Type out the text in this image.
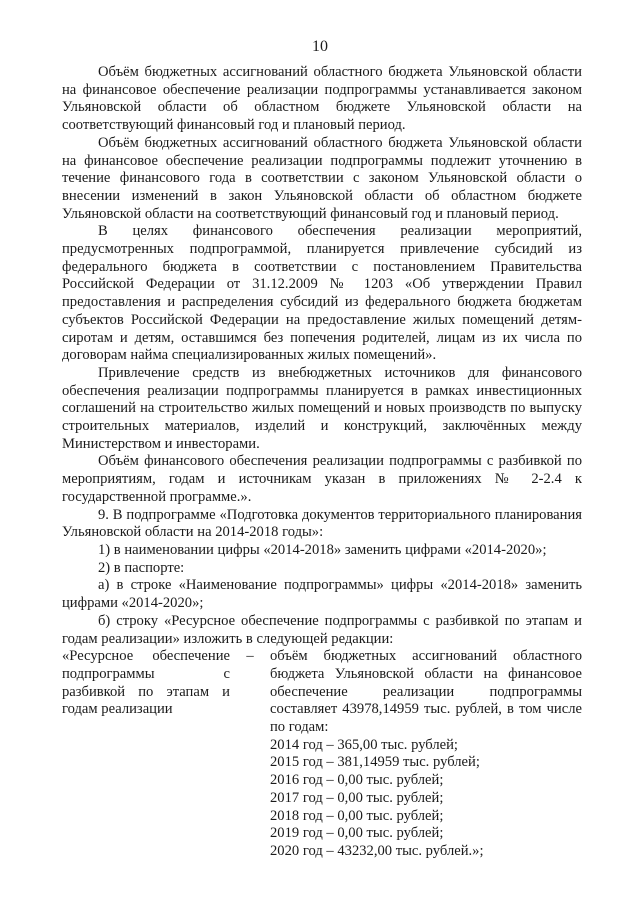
10

Объём бюджетных ассигнований областного бюджета Ульяновской области на финансовое обеспечение реализации подпрограммы устанавливается законом Ульяновской области об областном бюджете Ульяновской области на соответствующий финансовый год и плановый период.

Объём бюджетных ассигнований областного бюджета Ульяновской области на финансовое обеспечение реализации подпрограммы подлежит уточнению в течение финансового года в соответствии с законом Ульяновской области о внесении изменений в закон Ульяновской области об областном бюджете Ульяновской области на соответствующий финансовый год и плановый период.

В целях финансового обеспечения реализации мероприятий, предусмотренных подпрограммой, планируется привлечение субсидий из федерального бюджета в соответствии с постановлением Правительства Российской Федерации от 31.12.2009 № 1203 «Об утверждении Правил предоставления и распределения субсидий из федерального бюджета бюджетам субъектов Российской Федерации на предоставление жилых помещений детям-сиротам и детям, оставшимся без попечения родителей, лицам из их числа по договорам найма специализированных жилых помещений».

Привлечение средств из внебюджетных источников для финансового обеспечения реализации подпрограммы планируется в рамках инвестиционных соглашений на строительство жилых помещений и новых производств по выпуску строительных материалов, изделий и конструкций, заключённых между Министерством и инвесторами.

Объём финансового обеспечения реализации подпрограммы с разбивкой по мероприятиям, годам и источникам указан в приложениях № 2-2.4 к государственной программе.».

9. В подпрограмме «Подготовка документов территориального планирования Ульяновской области на 2014-2018 годы»:

1) в наименовании цифры «2014-2018» заменить цифрами «2014-2020»;

2) в паспорте:

а) в строке «Наименование подпрограммы» цифры «2014-2018» заменить цифрами «2014-2020»;

б) строку «Ресурсное обеспечение подпрограммы с разбивкой по этапам и годам реализации» изложить в следующей редакции:

«Ресурсное обеспечение подпрограммы с разбивкой по этапам и годам реализации
–	объём бюджетных ассигнований областного бюджета Ульяновской области на финансовое обеспечение реализации подпрограммы составляет 43978,14959 тыс. рублей, в том числе по годам:
2014 год – 365,00 тыс. рублей;
2015 год – 381,14959 тыс. рублей;
2016 год – 0,00 тыс. рублей;
2017 год – 0,00 тыс. рублей;
2018 год – 0,00 тыс. рублей;
2019 год – 0,00 тыс. рублей;
2020 год – 43232,00 тыс. рублей.»;
